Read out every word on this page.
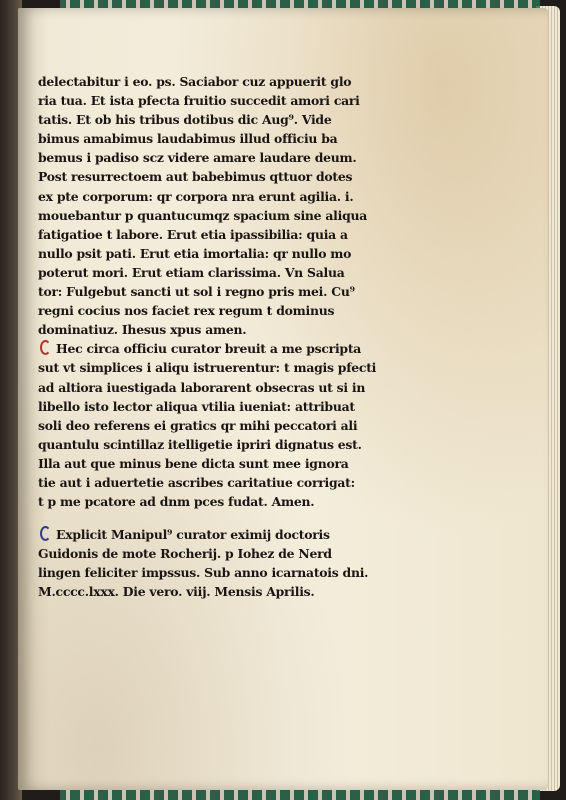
delectabitur i eo. ps. Saciabor cuz appuerit glo
ria tua. Et ista pfecta fruitio succedit amori cari
tatis. Et ob his tribus dotibus dic Aug⁹. Vide
bimus amabimus laudabimus illud officiu ba
bemus i padiso scz videre amare laudare deum.
Post resurrectoem aut babebimus qttuor dotes
ex pte corporum: qr corpora nra erunt agilia. i.
mouebantur p quantucumqz spacium sine aliqua
fatigatioe t labore. Erut etia ipassibilia: quia a
nullo psit pati. Erut etia imortalia: qr nullo mo
poterut mori. Erut etiam clarissima. Vn Salua
tor: Fulgebut sancti ut sol i regno pris mei. Cu⁹
regni cocius nos faciet rex regum t dominus
dominatiuz. Ihesus xpus amen.
Hec circa officiu curator breuit a me pscripta
sut vt simplices i aliqu istruerentur: t magis pfecti
ad altiora iuestigada laborarent obsecras ut si in
libello isto lector aliqua vtilia iueniat: attribuat
soli deo referens ei gratics qr mihi peccatori ali
quantulu scintillaz itelligetie ipriri dignatus est.
Illa aut que minus bene dicta sunt mee ignora
tie aut i aduertetie ascribes caritatiue corrigat:
t p me pcatore ad dnm pces fudat. Amen.
Explicit Manipul⁹ curator eximij doctoris
Guidonis de mote Rocherij. p Iohez de Nerd
lingen feliciter impssus. Sub anno icarnatois dni.
M.cccc.lxxx. Die vero. viij. Mensis Aprilis.
